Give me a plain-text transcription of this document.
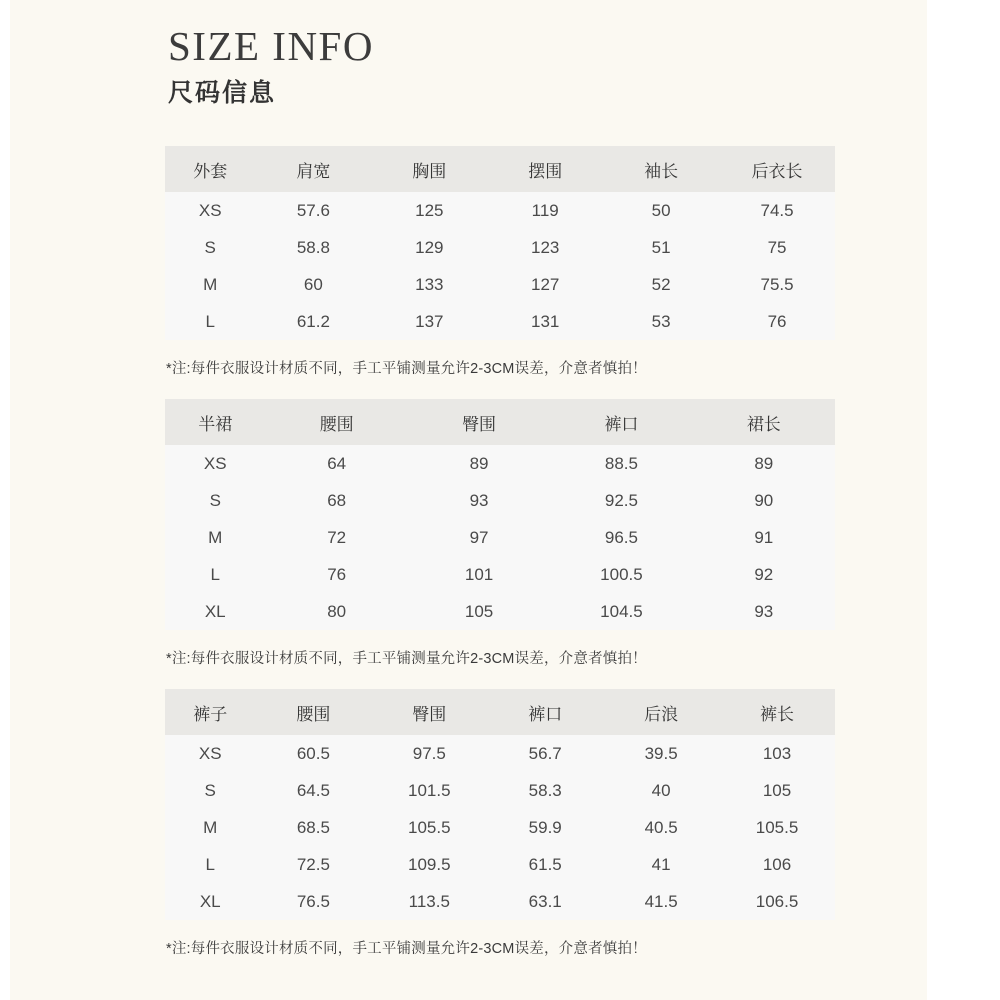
SIZE INFO
尺码信息
外套	肩宽	胸围	摆围	袖长	后衣长
XS	57.6	125	119	50	74.5
S	58.8	129	123	51	75
M	60	133	127	52	75.5
L	61.2	137	131	53	76

*注:每件衣服设计材质不同，手工平铺测量允许2-3CM误差，介意者慎拍！

半裙	腰围	臀围	裤口	裙长
XS	64	89	88.5	89
S	68	93	92.5	90
M	72	97	96.5	91
L	76	101	100.5	92
XL	80	105	104.5	93

*注:每件衣服设计材质不同，手工平铺测量允许2-3CM误差，介意者慎拍！

裤子	腰围	臀围	裤口	后浪	裤长
XS	60.5	97.5	56.7	39.5	103
S	64.5	101.5	58.3	40	105
M	68.5	105.5	59.9	40.5	105.5
L	72.5	109.5	61.5	41	106
XL	76.5	113.5	63.1	41.5	106.5

*注:每件衣服设计材质不同，手工平铺测量允许2-3CM误差，介意者慎拍！
